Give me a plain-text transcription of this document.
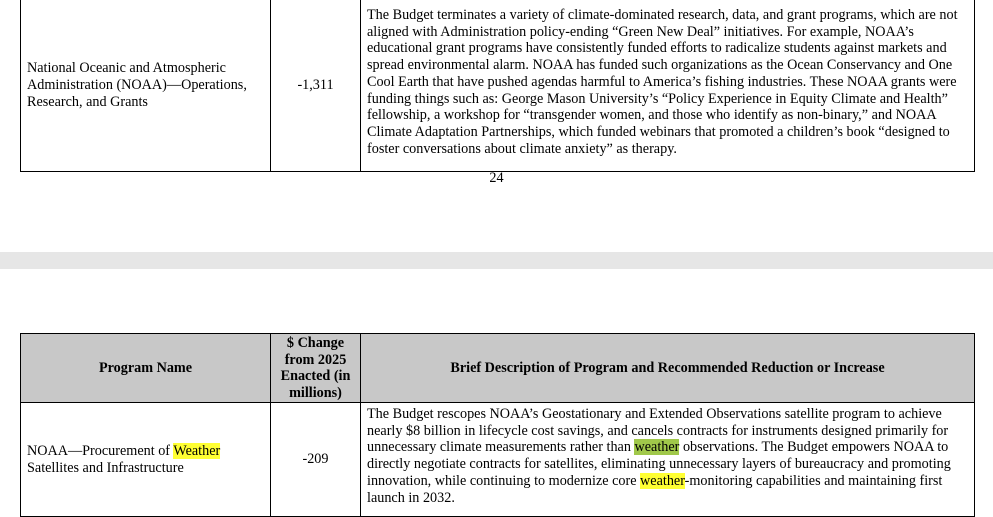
National Oceanic and Atmospheric Administration (NOAA)—Operations, Research, and Grants	-1,311	The Budget terminates a variety of climate-dominated research, data, and grant programs, which are not aligned with Administration policy-ending “Green New Deal” initiatives. For example, NOAA’s educational grant programs have consistently funded efforts to radicalize students against markets and spread environmental alarm. NOAA has funded such organizations as the Ocean Conservancy and One Cool Earth that have pushed agendas harmful to America’s fishing industries. These NOAA grants were funding things such as: George Mason University’s “Policy Experience in Equity Climate and Health” fellowship, a workshop for “transgender women, and those who identify as non-binary,” and NOAA Climate Adaptation Partnerships, which funded webinars that promoted a children’s book “designed to foster conversations about climate anxiety” as therapy.
24
Program Name	$ Change from 2025 Enacted (in millions)	Brief Description of Program and Recommended Reduction or Increase
NOAA—Procurement of Weather Satellites and Infrastructure	-209	The Budget rescopes NOAA’s Geostationary and Extended Observations satellite program to achieve nearly $8 billion in lifecycle cost savings, and cancels contracts for instruments designed primarily for unnecessary climate measurements rather than weather observations. The Budget empowers NOAA to directly negotiate contracts for satellites, eliminating unnecessary layers of bureaucracy and promoting innovation, while continuing to modernize core weather-monitoring capabilities and maintaining first launch in 2032.
